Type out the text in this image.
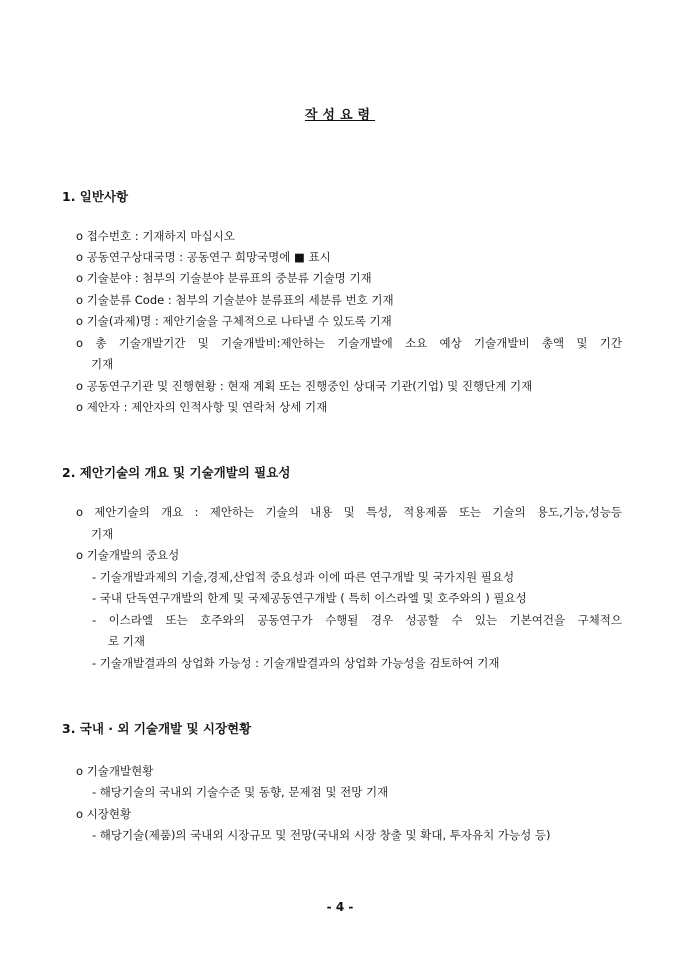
작성요령
1. 일반사항
o 접수번호 : 기재하지 마십시오
o 공동연구상대국명 : 공동연구 희망국명에 ■ 표시
o 기술분야 : 첨부의 기술분야 분류표의 중분류 기술명 기재
o 기술분류 Code : 첨부의 기술분야 분류표의 세분류 번호 기재
o 기술(과제)명 : 제안기술을 구체적으로 나타낼 수 있도록 기재
o 총 기술개발기간 및 기술개발비:제안하는 기술개발에 소요 예상 기술개발비 총액 및 기간
기재
o 공동연구기관 및 진행현황 : 현재 계획 또는 진행중인 상대국 기관(기업) 및 진행단계 기재
o 제안자 : 제안자의 인적사항 및 연락처 상세 기재
2. 제안기술의 개요 및 기술개발의 필요성
o 제안기술의 개요 : 제안하는 기술의 내용 및 특성, 적용제품 또는 기술의 용도,기능,성능등
기재
o 기술개발의 중요성
- 기술개발과제의 기술,경제,산업적 중요성과 이에 따른 연구개발 및 국가지원 필요성
- 국내 단독연구개발의 한계 및 국제공동연구개발 ( 특히 이스라엘 및 호주와의 ) 필요성
- 이스라엘 또는 호주와의 공동연구가 수행될 경우 성공할 수 있는 기본여건을 구체적으
로 기재
- 기술개발결과의 상업화 가능성 : 기술개발결과의 상업화 가능성을 검토하여 기재
3. 국내 · 외 기술개발 및 시장현황
o 기술개발현황
- 해당기술의 국내외 기술수준 및 동향, 문제점 및 전망 기재
o 시장현황
- 해당기술(제품)의 국내외 시장규모 및 전망(국내외 시장 창출 및 확대, 투자유치 가능성 등)
- 4 -
